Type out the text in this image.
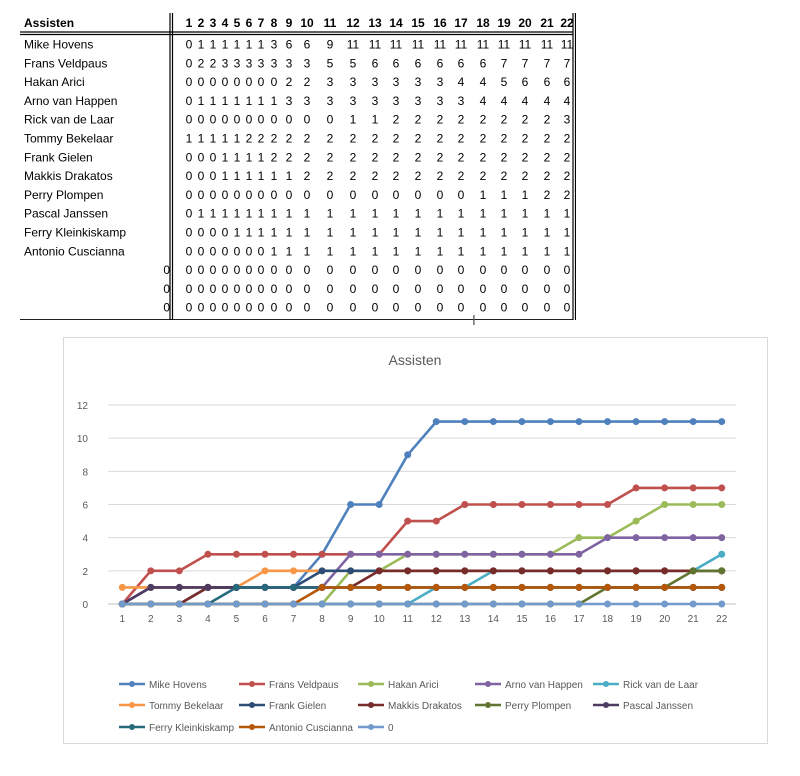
Assisten	1 2 3 4 5 6 7 8 9 10 11 12 13 14 15 16 17 18 19 20 21 22
Mike Hovens	0 1 1 1 1 1 1 3 6 6 9 11 11 11 11 11 11 11 11 11 11 11
Frans Veldpaus	0 2 2 3 3 3 3 3 3 3 5 5 6 6 6 6 6 6 7 7 7 7
Hakan Arici	0 0 0 0 0 0 0 0 2 2 3 3 3 3 3 3 4 4 5 6 6 6
Arno van Happen	0 1 1 1 1 1 1 1 3 3 3 3 3 3 3 3 3 4 4 4 4 4
Rick van de Laar	0 0 0 0 0 0 0 0 0 0 0 1 1 2 2 2 2 2 2 2 2 3
Tommy Bekelaar	1 1 1 1 1 2 2 2 2 2 2 2 2 2 2 2 2 2 2 2 2 2
Frank Gielen	0 0 0 1 1 1 1 2 2 2 2 2 2 2 2 2 2 2 2 2 2 2
Makkis Drakatos	0 0 0 1 1 1 1 1 1 2 2 2 2 2 2 2 2 2 2 2 2 2
Perry Plompen	0 0 0 0 0 0 0 0 0 0 0 0 0 0 0 0 0 1 1 1 2 2
Pascal Janssen	0 1 1 1 1 1 1 1 1 1 1 1 1 1 1 1 1 1 1 1 1 1
Ferry Kleinkiskamp	0 0 0 0 1 1 1 1 1 1 1 1 1 1 1 1 1 1 1 1 1 1
Antonio Cuscianna	0 0 0 0 0 0 0 1 1 1 1 1 1 1 1 1 1 1 1 1 1 1
0 0 0 0 0 0 0 0 0 0 0 0 0 0 0 0 0 0 0 0 0 0 0
0 0 0 0 0 0 0 0 0 0 0 0 0 0 0 0 0 0 0 0 0 0 0
0 0 0 0 0 0 0 0 0 0 0 0 0 0 0 0 0 0 0 0 0 0 0
Assisten
0
2
4
6
8
10
12
1 2 3 4 5 6 7 8 9 10 11 12 13 14 15 16 17 18 19 20 21 22
Mike Hovens	Frans Veldpaus	Hakan Arici	Arno van Happen	Rick van de Laar
Tommy Bekelaar	Frank Gielen	Makkis Drakatos	Perry Plompen	Pascal Janssen
Ferry Kleinkiskamp	Antonio Cuscianna	0
I
